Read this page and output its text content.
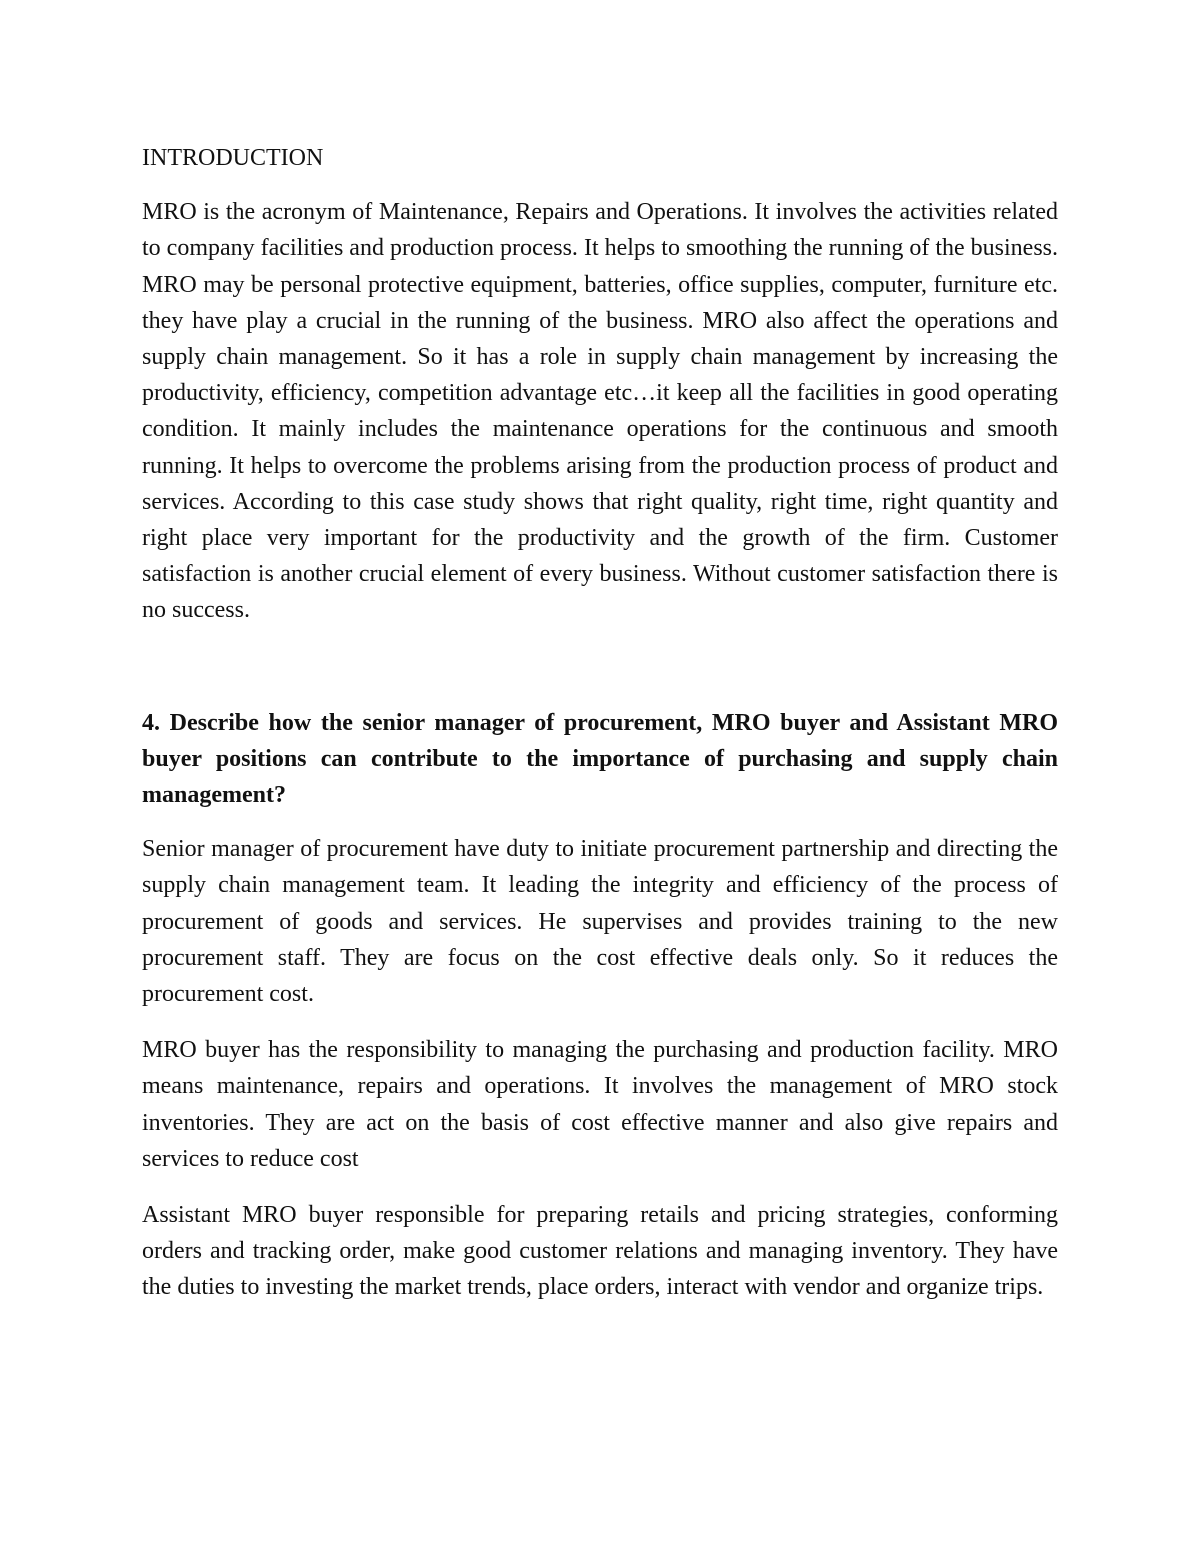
INTRODUCTION

MRO is the acronym of Maintenance, Repairs and Operations. It involves the activities related to company facilities and production process. It helps to smoothing the running of the business. MRO may be personal protective equipment, batteries, office supplies, computer, furniture etc. they have play a crucial in the running of the business. MRO also affect the operations and supply chain management. So it has a role in supply chain management by increasing the productivity, efficiency, competition advantage etc…it keep all the facilities in good operating condition. It mainly includes the maintenance operations for the continuous and smooth running. It helps to overcome the problems arising from the production process of product and services. According to this case study shows that right quality, right time, right quantity and right place very important for the productivity and the growth of the firm. Customer satisfaction is another crucial element of every business. Without customer satisfaction there is no success.

4. Describe how the senior manager of procurement, MRO buyer and Assistant MRO buyer positions can contribute to the importance of purchasing and supply chain management?

Senior manager of procurement have duty to initiate procurement partnership and directing the supply chain management team. It leading the integrity and efficiency of the process of procurement of goods and services. He supervises and provides training to the new procurement staff. They are focus on the cost effective deals only. So it reduces the procurement cost.

MRO buyer has the responsibility to managing the purchasing and production facility. MRO means maintenance, repairs and operations. It involves the management of MRO stock inventories. They are act on the basis of cost effective manner and also give repairs and services to reduce cost

Assistant MRO buyer responsible for preparing retails and pricing strategies, conforming orders and tracking order, make good customer relations and managing inventory. They have the duties to investing the market trends, place orders, interact with vendor and organize trips.
